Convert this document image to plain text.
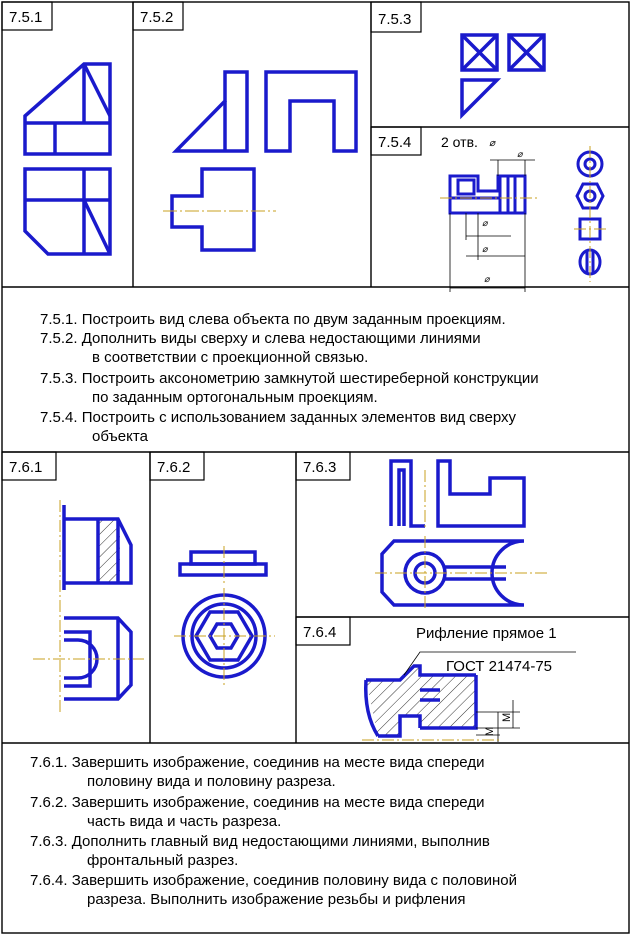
7.5.1	7.5.2	7.5.3
7.5.4
7.6.1	7.6.2	7.6.3
7.6.4
2 отв. ⌀
⌀
⌀
⌀
⌀
Рифление прямое 1
ГОСТ 21474-75
M
M
7.5.1. Построить вид слева объекта по двум заданным проекциям.
7.5.2. Дополнить виды сверху и слева недостающими линиями
в соответствии с проекционной связью.
7.5.3. Построить аксонометрию замкнутой шестиреберной конструкции
по заданным ортогональным проекциям.
7.5.4. Построить с использованием заданных элементов вид сверху
объекта
7.6.1. Завершить изображение, соединив на месте вида спереди
половину вида и половину разреза.
7.6.2. Завершить изображение, соединив на месте вида спереди
часть вида и часть разреза.
7.6.3. Дополнить главный вид недостающими линиями, выполнив
фронтальный разрез.
7.6.4. Завершить изображение, соединив половину вида с половиной
разреза. Выполнить изображение резьбы и рифления
